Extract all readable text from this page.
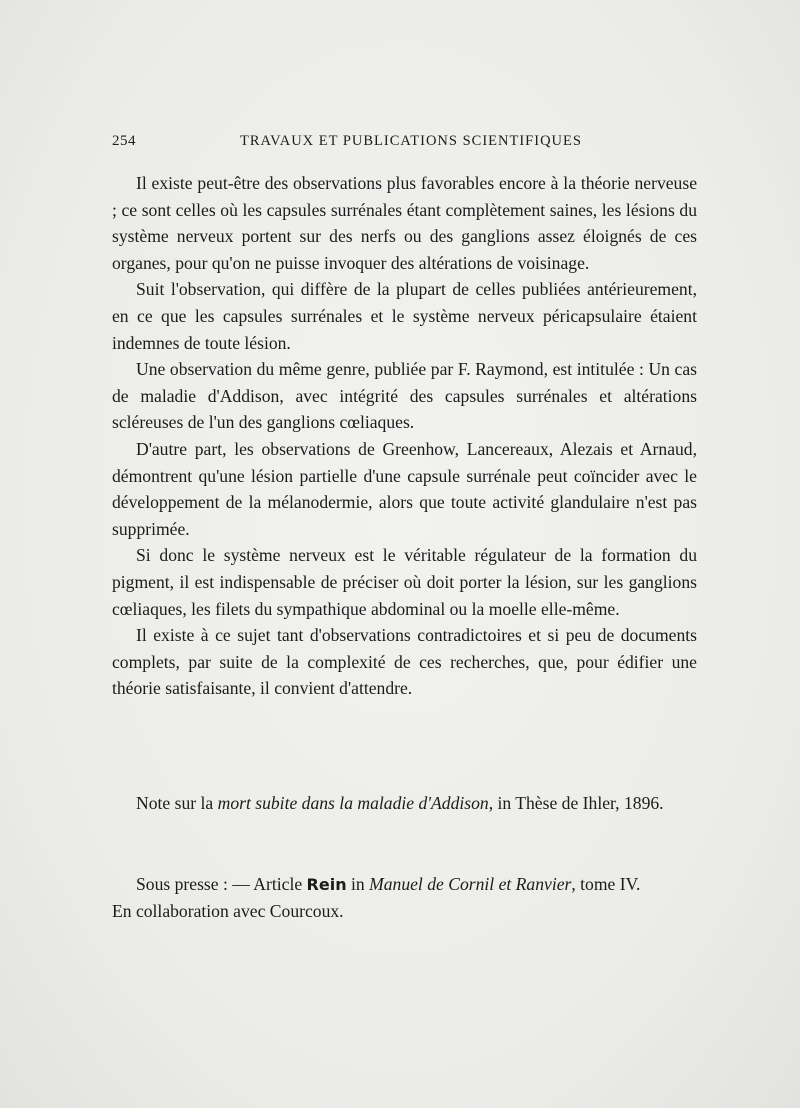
254	TRAVAUX ET PUBLICATIONS SCIENTIFIQUES

Il existe peut-être des observations plus favorables encore à la théorie nerveuse ; ce sont celles où les capsules surrénales étant complètement saines, les lésions du système nerveux portent sur des nerfs ou des ganglions assez éloignés de ces organes, pour qu'on ne puisse invoquer des altérations de voisinage.

Suit l'observation, qui diffère de la plupart de celles publiées antérieurement, en ce que les capsules surrénales et le système nerveux péricapsulaire étaient indemnes de toute lésion.

Une observation du même genre, publiée par F. Raymond, est intitulée : Un cas de maladie d'Addison, avec intégrité des capsules surrénales et altérations scléreuses de l'un des ganglions cœliaques.

D'autre part, les observations de Greenhow, Lancereaux, Alezais et Arnaud, démontrent qu'une lésion partielle d'une capsule surrénale peut coïncider avec le développement de la mélanodermie, alors que toute activité glandulaire n'est pas supprimée.

Si donc le système nerveux est le véritable régulateur de la formation du pigment, il est indispensable de préciser où doit porter la lésion, sur les ganglions cœliaques, les filets du sympathique abdominal ou la moelle elle-même.

Il existe à ce sujet tant d'observations contradictoires et si peu de documents complets, par suite de la complexité de ces recherches, que, pour édifier une théorie satisfaisante, il convient d'attendre.

Note sur la mort subite dans la maladie d'Addison, in Thèse de Ihler, 1896.

Sous presse : — Article Rein in Manuel de Cornil et Ranvier, tome IV.

En collaboration avec Courcoux.
